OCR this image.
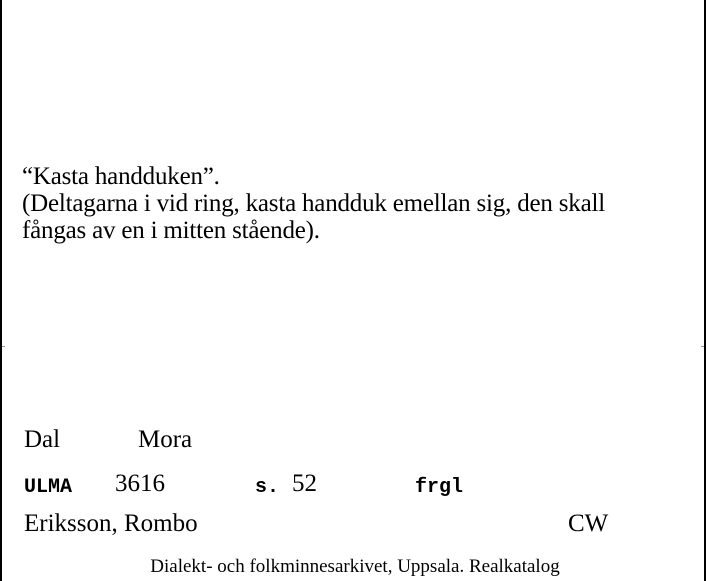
“Kasta handduken”.
(Deltagarna i vid ring, kasta handduk emellan sig, den skall
fångas av en i mitten stående).
Dal	Mora
ULMA 3616	s. 52	frgl
Eriksson, Rombo	CW
Dialekt- och folkminnesarkivet, Uppsala. Realkatalog
